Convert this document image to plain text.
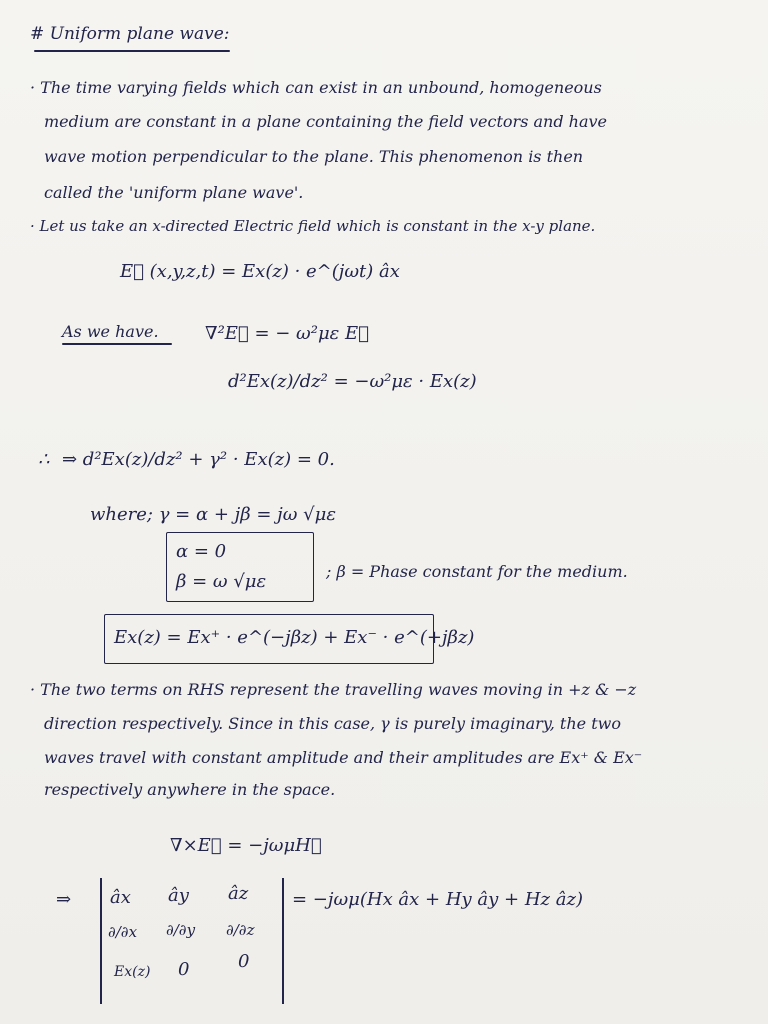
# Uniform plane wave:
· The time varying fields which can exist in an unbound, homogeneous
medium are constant in a plane containing the field vectors and have
wave motion perpendicular to the plane. This phenomenon is then
called the 'uniform plane wave'.
· Let us take an x-directed Electric field which is constant in the x-y plane.
E⃗ (x,y,z,t) = Ex(z) · e^(jωt) âx
As we have.	∇²E⃗ = − ω²με E⃗
d²Ex(z)/dz² = −ω²με · Ex(z)
∴ ⇒ d²Ex(z)/dz² + γ² · Ex(z) = 0.
where; γ = α + jβ = jω √με
α = 0
β = ω √με	; β = Phase constant for the medium.
Ex(z) = Ex⁺ · e^(−jβz) + Ex⁻ · e^(+jβz)
· The two terms on RHS represent the travelling waves moving in +z & −z
direction respectively. Since in this case, γ is purely imaginary, the two
waves travel with constant amplitude and their amplitudes are Ex⁺ & Ex⁻
respectively anywhere in the space.
∇×E⃗ = −jωμH⃗
⇒ âx ây âz
∂/∂x ∂/∂y ∂/∂z
Ex(z) 0	0
= −jωμ(Hx âx + Hy ây + Hz âz)
